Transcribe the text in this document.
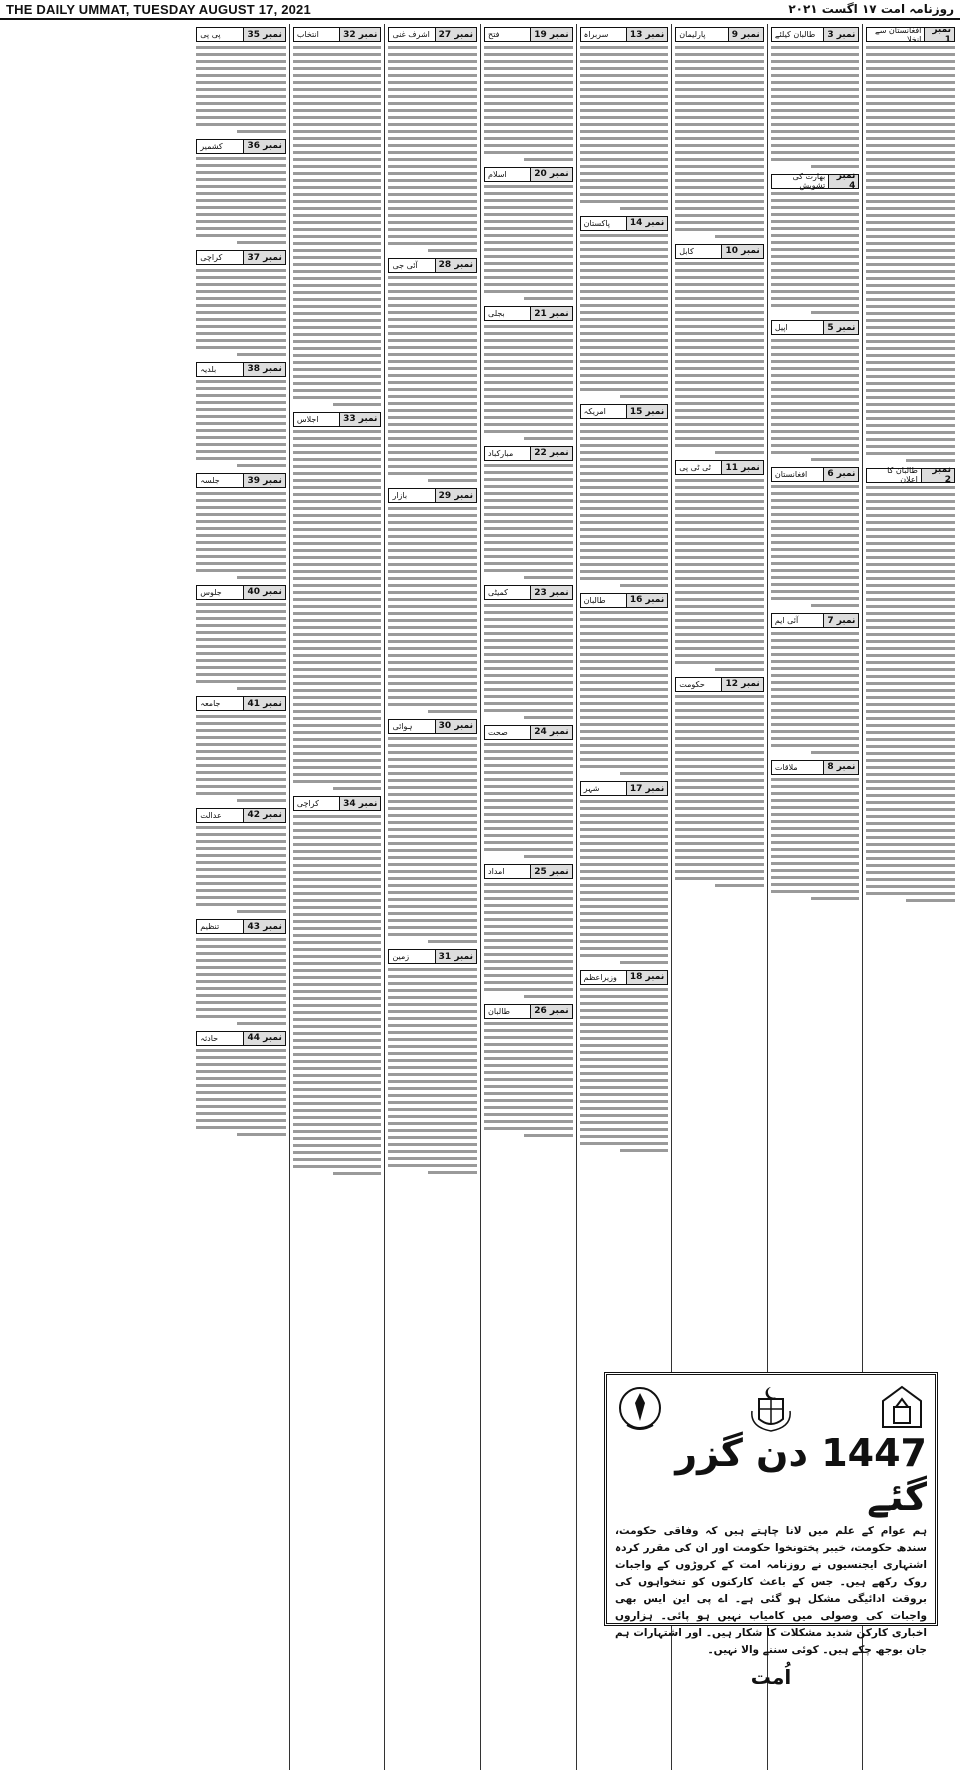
THE DAILY UMMAT, TUESDAY AUGUST 17, 2021	روزنامہ امت ۱۷ اگست ۲۰۲۱
نمبر 1
افغانستان سے انخلا
نمبر 2
طالبان کا اعلان
نمبر 3
طالبان کیلئے
نمبر 4
بھارت کی تشویش
نمبر 5
اپیل
نمبر 6
افغانستان
نمبر 7
آئی ایم
نمبر 8
ملاقات
نمبر 9
پارلیمان
نمبر 10
کابل
نمبر 11
ٹی ٹی پی
نمبر 12
حکومت
نمبر 13
سربراہ
نمبر 14
پاکستان
نمبر 15
امریکہ
نمبر 16
طالبان
نمبر 17
شہر
نمبر 18
وزیراعظم
نمبر 19
فتح
نمبر 20
اسلام
نمبر 21
بجلی
نمبر 22
مبارکباد
نمبر 23
کمیٹی
نمبر 24
صحت
نمبر 25
امداد
نمبر 26
طالبان
نمبر 27
اشرف غنی
نمبر 28
آئی جی
نمبر 29
بازار
نمبر 30
ہوائی
نمبر 31
زمین
نمبر 32
انتخاب
نمبر 33
اجلاس
نمبر 34
کراچی
نمبر 35
پی پی
نمبر 36
کشمیر
نمبر 37
کراچی
نمبر 38
بلدیہ
نمبر 39
جلسہ
نمبر 40
جلوس
نمبر 41
جامعہ
نمبر 42
عدالت
نمبر 43
تنظیم
نمبر 44
حادثہ
1447 دن گزر گئے
ہم عوام کے علم میں لانا چاہتے ہیں کہ وفاقی حکومت، سندھ حکومت، خیبر پختونخوا حکومت اور ان کی مقرر کردہ اشتہاری ایجنسیوں نے روزنامہ امت کے کروڑوں کے واجبات روک رکھے ہیں۔ جس کے باعث کارکنوں کو تنخواہوں کی بروقت ادائیگی مشکل ہو گئی ہے۔ اے پی این ایس بھی واجبات کی وصولی میں کامیاب نہیں ہو پائی۔ ہزاروں اخباری کارکن شدید مشکلات کا شکار ہیں۔ اور اشتہارات ہم جان بوجھ چکے ہیں۔ کوئی سننے والا نہیں۔
اُمت
